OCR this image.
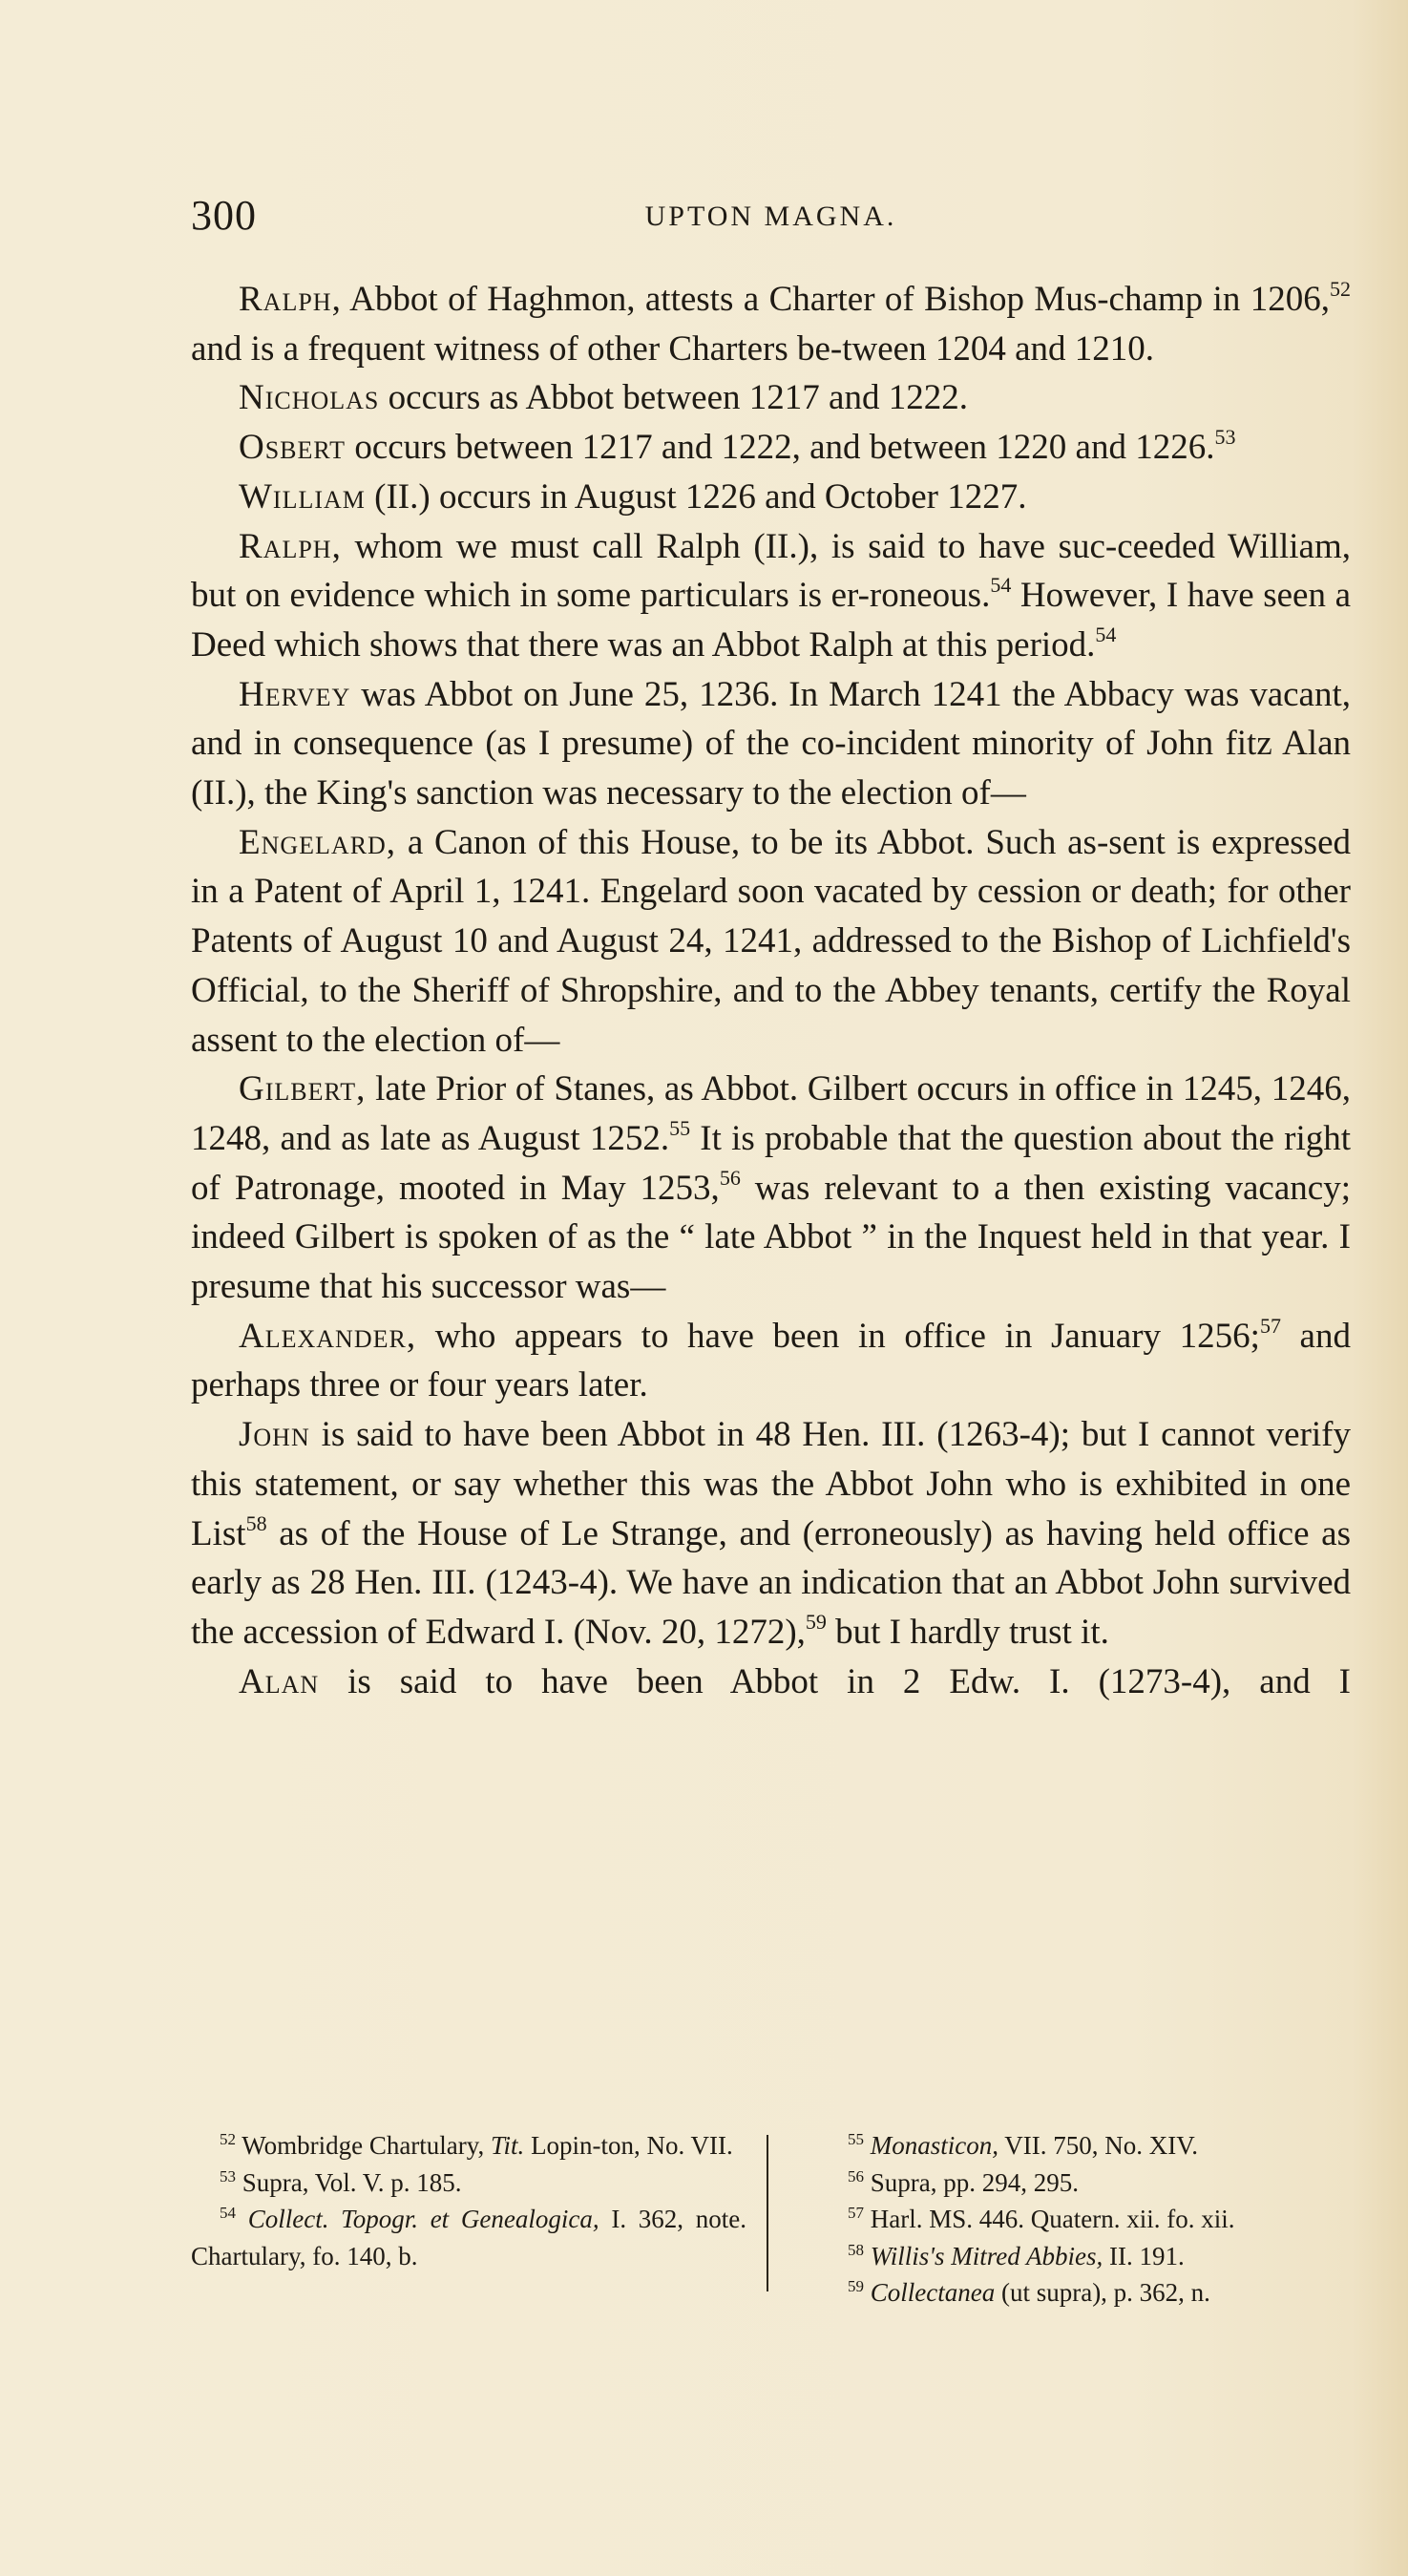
300	UPTON MAGNA.

Ralph, Abbot of Haghmon, attests a Charter of Bishop Mus-champ in 1206,52 and is a frequent witness of other Charters be-tween 1204 and 1210.

Nicholas occurs as Abbot between 1217 and 1222.

Osbert occurs between 1217 and 1222, and between 1220 and 1226.53

William (II.) occurs in August 1226 and October 1227.

Ralph, whom we must call Ralph (II.), is said to have suc-ceeded William, but on evidence which in some particulars is er-roneous.$^{54}$ However, I have seen a Deed which shows that there was an Abbot Ralph at this period.$^{54}$

Hervey was Abbot on June 25, 1236. In March 1241 the Abbacy was vacant, and in consequence (as I presume) of the co-incident minority of John fitz Alan (II.), the King's sanction was necessary to the election of—

Engelard, a Canon of this House, to be its Abbot. Such as-sent is expressed in a Patent of April 1, 1241. Engelard soon vacated by cession or death; for other Patents of August 10 and August 24, 1241, addressed to the Bishop of Lichfield's Official, to the Sheriff of Shropshire, and to the Abbey tenants, certify the Royal assent to the election of—

Gilbert, late Prior of Stanes, as Abbot. Gilbert occurs in office in 1245, 1246, 1248, and as late as August 1252.55 It is probable that the question about the right of Patronage, mooted in May 1253,56 was relevant to a then existing vacancy; indeed Gilbert is spoken of as the “ late Abbot ” in the Inquest held in that year. I presume that his successor was—

Alexander, who appears to have been in office in January 1256;$^{57}$ and perhaps three or four years later.

John is said to have been Abbot in 48 Hen. III. (1263-4); but I cannot verify this statement, or say whether this was the Abbot John who is exhibited in one List$^{58}$ as of the House of Le Strange, and (erroneously) as having held office as early as 28 Hen. III. (1243-4). We have an indication that an Abbot John survived the accession of Edward I. (Nov. 20, 1272),$^{59}$ but I hardly trust it.

Alan is said to have been Abbot in 2 Edw. I. (1273-4), and I

$^{52}$ Wombridge Chartulary, Tit. Lopin-ton, No. VII.

$^{53}$ Supra, Vol. V. p. 185.

$^{54}$ Collect. Topogr. et Genealogica, I. 362, note. Chartulary, fo. 140, b.

$^{55}$ Monasticon, VII. 750, No. XIV.

$^{56}$ Supra, pp. 294, 295.

$^{57}$ Harl. MS. 446. Quatern. xii. fo. xii.

$^{58}$ Willis's Mitred Abbies, II. 191.

$^{59}$ Collectanea (ut supra), p. 362, n.
